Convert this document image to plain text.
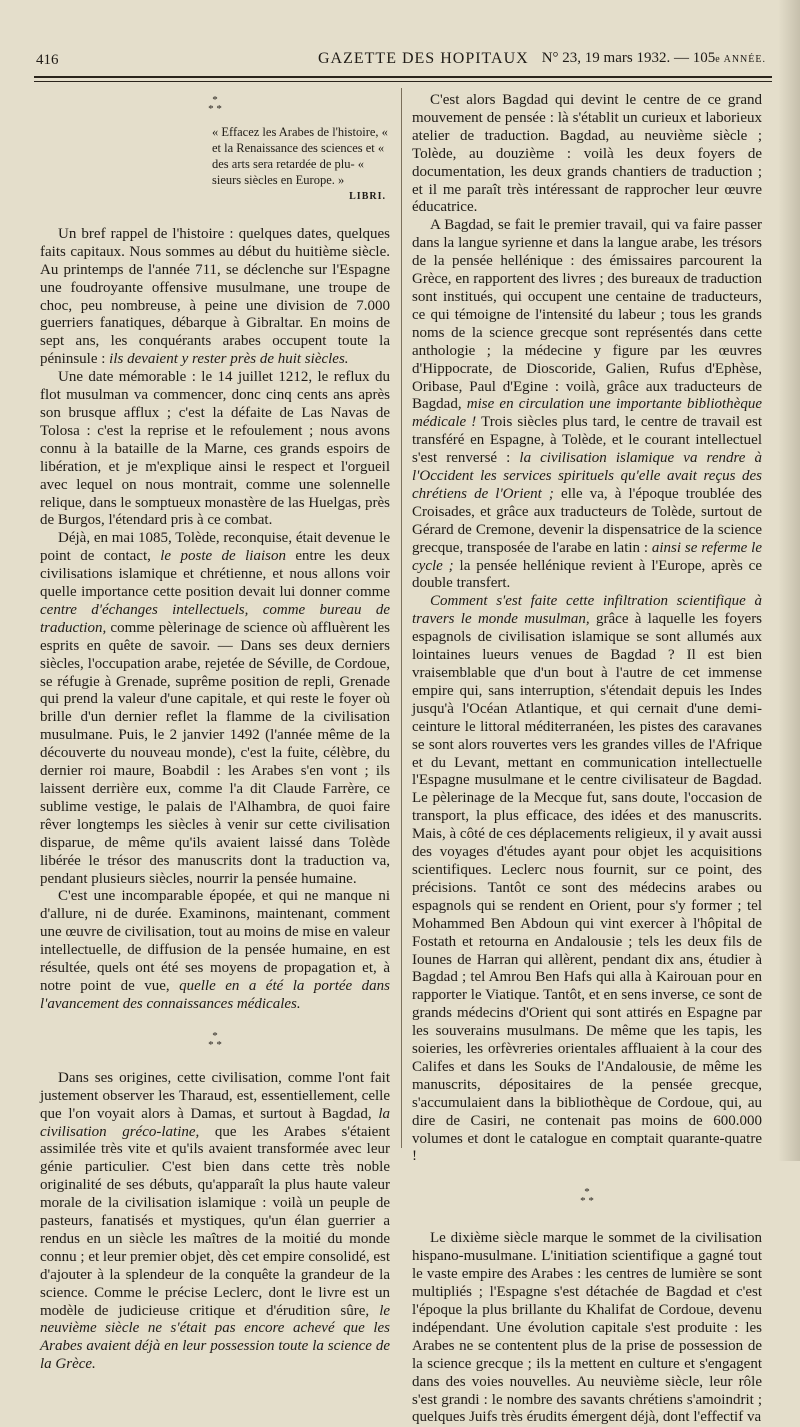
416	GAZETTE DES HOPITAUX N° 23, 19 mars 1932. — 105e ANNÉE.
*
* *
« Effacez les Arabes de l'histoire, « et la Renaissance des sciences et « des arts sera retardée de plu- « sieurs siècles en Europe. »
LIBRI.

Un bref rappel de l'histoire : quelques dates, quelques faits capitaux. Nous sommes au début du huitième siècle. Au printemps de l'année 711, se déclenche sur l'Espagne une foudroyante offensive musulmane, une troupe de choc, peu nombreuse, à peine une division de 7.000 guerriers fanatiques, débarque à Gibraltar. En moins de sept ans, les conquérants arabes occupent toute la péninsule : ils devaient y rester près de huit siècles.

Une date mémorable : le 14 juillet 1212, le reflux du flot musulman va commencer, donc cinq cents ans après son brusque afflux ; c'est la défaite de Las Navas de Tolosa : c'est la reprise et le refoulement ; nous avons connu à la bataille de la Marne, ces grands espoirs de libération, et je m'explique ainsi le respect et l'orgueil avec lequel on nous montrait, comme une solennelle relique, dans le somptueux monastère de las Huelgas, près de Burgos, l'étendard pris à ce combat.

Déjà, en mai 1085, Tolède, reconquise, était devenue le point de contact, le poste de liaison entre les deux civilisations islamique et chrétienne, et nous allons voir quelle importance cette position devait lui donner comme centre d'échanges intellectuels, comme bureau de traduction, comme pèlerinage de science où affluèrent les esprits en quête de savoir. — Dans ses deux derniers siècles, l'occupation arabe, rejetée de Séville, de Cordoue, se réfugie à Grenade, suprême position de repli, Grenade qui prend la valeur d'une capitale, et qui reste le foyer où brille d'un dernier reflet la flamme de la civilisation musulmane. Puis, le 2 janvier 1492 (l'année même de la découverte du nouveau monde), c'est la fuite, célèbre, du dernier roi maure, Boabdil : les Arabes s'en vont ; ils laissent derrière eux, comme l'a dit Claude Farrère, ce sublime vestige, le palais de l'Alhambra, de quoi faire rêver longtemps les siècles à venir sur cette civilisation disparue, de même qu'ils avaient laissé dans Tolède libérée le trésor des manuscrits dont la traduction va, pendant plusieurs siècles, nourrir la pensée humaine.

C'est une incomparable épopée, et qui ne manque ni d'allure, ni de durée. Examinons, maintenant, comment une œuvre de civilisation, tout au moins de mise en valeur intellectuelle, de diffusion de la pensée humaine, en est résultée, quels ont été ses moyens de propagation et, à notre point de vue, quelle en a été la portée dans l'avancement des connaissances médicales.

*
* *

Dans ses origines, cette civilisation, comme l'ont fait justement observer les Tharaud, est, essentiellement, celle que l'on voyait alors à Damas, et surtout à Bagdad, la civilisation gréco-latine, que les Arabes s'étaient assimilée très vite et qu'ils avaient transformée avec leur génie particulier. C'est bien dans cette très noble originalité de ses débuts, qu'apparaît la plus haute valeur morale de la civilisation islamique : voilà un peuple de pasteurs, fanatisés et mystiques, qu'un élan guerrier a rendus en un siècle les maîtres de la moitié du monde connu ; et leur premier objet, dès cet empire consolidé, est d'ajouter à la splendeur de la conquête la grandeur de la science. Comme le précise Leclerc, dont le livre est un modèle de judicieuse critique et d'érudition sûre, le neuvième siècle ne s'était pas encore achevé que les Arabes avaient déjà en leur possession toute la science de la Grèce.

C'est alors Bagdad qui devint le centre de ce grand mouvement de pensée : là s'établit un curieux et laborieux atelier de traduction. Bagdad, au neuvième siècle ; Tolède, au douzième : voilà les deux foyers de documentation, les deux grands chantiers de traduction ; et il me paraît très intéressant de rapprocher leur œuvre éducatrice.

A Bagdad, se fait le premier travail, qui va faire passer dans la langue syrienne et dans la langue arabe, les trésors de la pensée hellénique : des émissaires parcourent la Grèce, en rapportent des livres ; des bureaux de traduction sont institués, qui occupent une centaine de traducteurs, ce qui témoigne de l'intensité du labeur ; tous les grands noms de la science grecque sont représentés dans cette anthologie ; la médecine y figure par les œuvres d'Hippocrate, de Dioscoride, Galien, Rufus d'Ephèse, Oribase, Paul d'Egine : voilà, grâce aux traducteurs de Bagdad, mise en circulation une importante bibliothèque médicale ! Trois siècles plus tard, le centre de travail est transféré en Espagne, à Tolède, et le courant intellectuel s'est renversé : la civilisation islamique va rendre à l'Occident les services spirituels qu'elle avait reçus des chrétiens de l'Orient ; elle va, à l'époque troublée des Croisades, et grâce aux traducteurs de Tolède, surtout de Gérard de Cremone, devenir la dispensatrice de la science grecque, transposée de l'arabe en latin : ainsi se referme le cycle ; la pensée hellénique revient à l'Europe, après ce double transfert.

Comment s'est faite cette infiltration scientifique à travers le monde musulman, grâce à laquelle les foyers espagnols de civilisation islamique se sont allumés aux lointaines lueurs venues de Bagdad ? Il est bien vraisemblable que d'un bout à l'autre de cet immense empire qui, sans interruption, s'étendait depuis les Indes jusqu'à l'Océan Atlantique, et qui cernait d'une demi-ceinture le littoral méditerranéen, les pistes des caravanes se sont alors rouvertes vers les grandes villes de l'Afrique et du Levant, mettant en communication intellectuelle l'Espagne musulmane et le centre civilisateur de Bagdad. Le pèlerinage de la Mecque fut, sans doute, l'occasion de transport, la plus efficace, des idées et des manuscrits. Mais, à côté de ces déplacements religieux, il y avait aussi des voyages d'études ayant pour objet les acquisitions scientifiques. Leclerc nous fournit, sur ce point, des précisions. Tantôt ce sont des médecins arabes ou espagnols qui se rendent en Orient, pour s'y former ; tel Mohammed Ben Abdoun qui vint exercer à l'hôpital de Fostath et retourna en Andalousie ; tels les deux fils de Iounes de Harran qui allèrent, pendant dix ans, étudier à Bagdad ; tel Amrou Ben Hafs qui alla à Kairouan pour en rapporter le Viatique. Tantôt, et en sens inverse, ce sont de grands médecins d'Orient qui sont attirés en Espagne par les souverains musulmans. De même que les tapis, les soieries, les orfèvreries orientales affluaient à la cour des Califes et dans les Souks de l'Andalousie, de même les manuscrits, dépositaires de la pensée grecque, s'accumulaient dans la bibliothèque de Cordoue, qui, au dire de Casiri, ne contenait pas moins de 600.000 volumes et dont le catalogue en comptait quarante-quatre !

*
* *

Le dixième siècle marque le sommet de la civilisation hispano-musulmane. L'initiation scientifique a gagné tout le vaste empire des Arabes : les centres de lumière se sont multipliés ; l'Espagne s'est détachée de Bagdad et c'est l'époque la plus brillante du Khalifat de Cordoue, devenu indépendant. Une évolution capitale s'est produite : les Arabes ne se contentent plus de la prise de possession de la science grecque ; ils la mettent en culture et s'engagent dans des voies nouvelles. Au neuvième siècle, leur rôle s'est grandi : le nombre des savants chrétiens s'amoindrit ; quelques Juifs très érudits émergent déjà, dont l'effectif va
